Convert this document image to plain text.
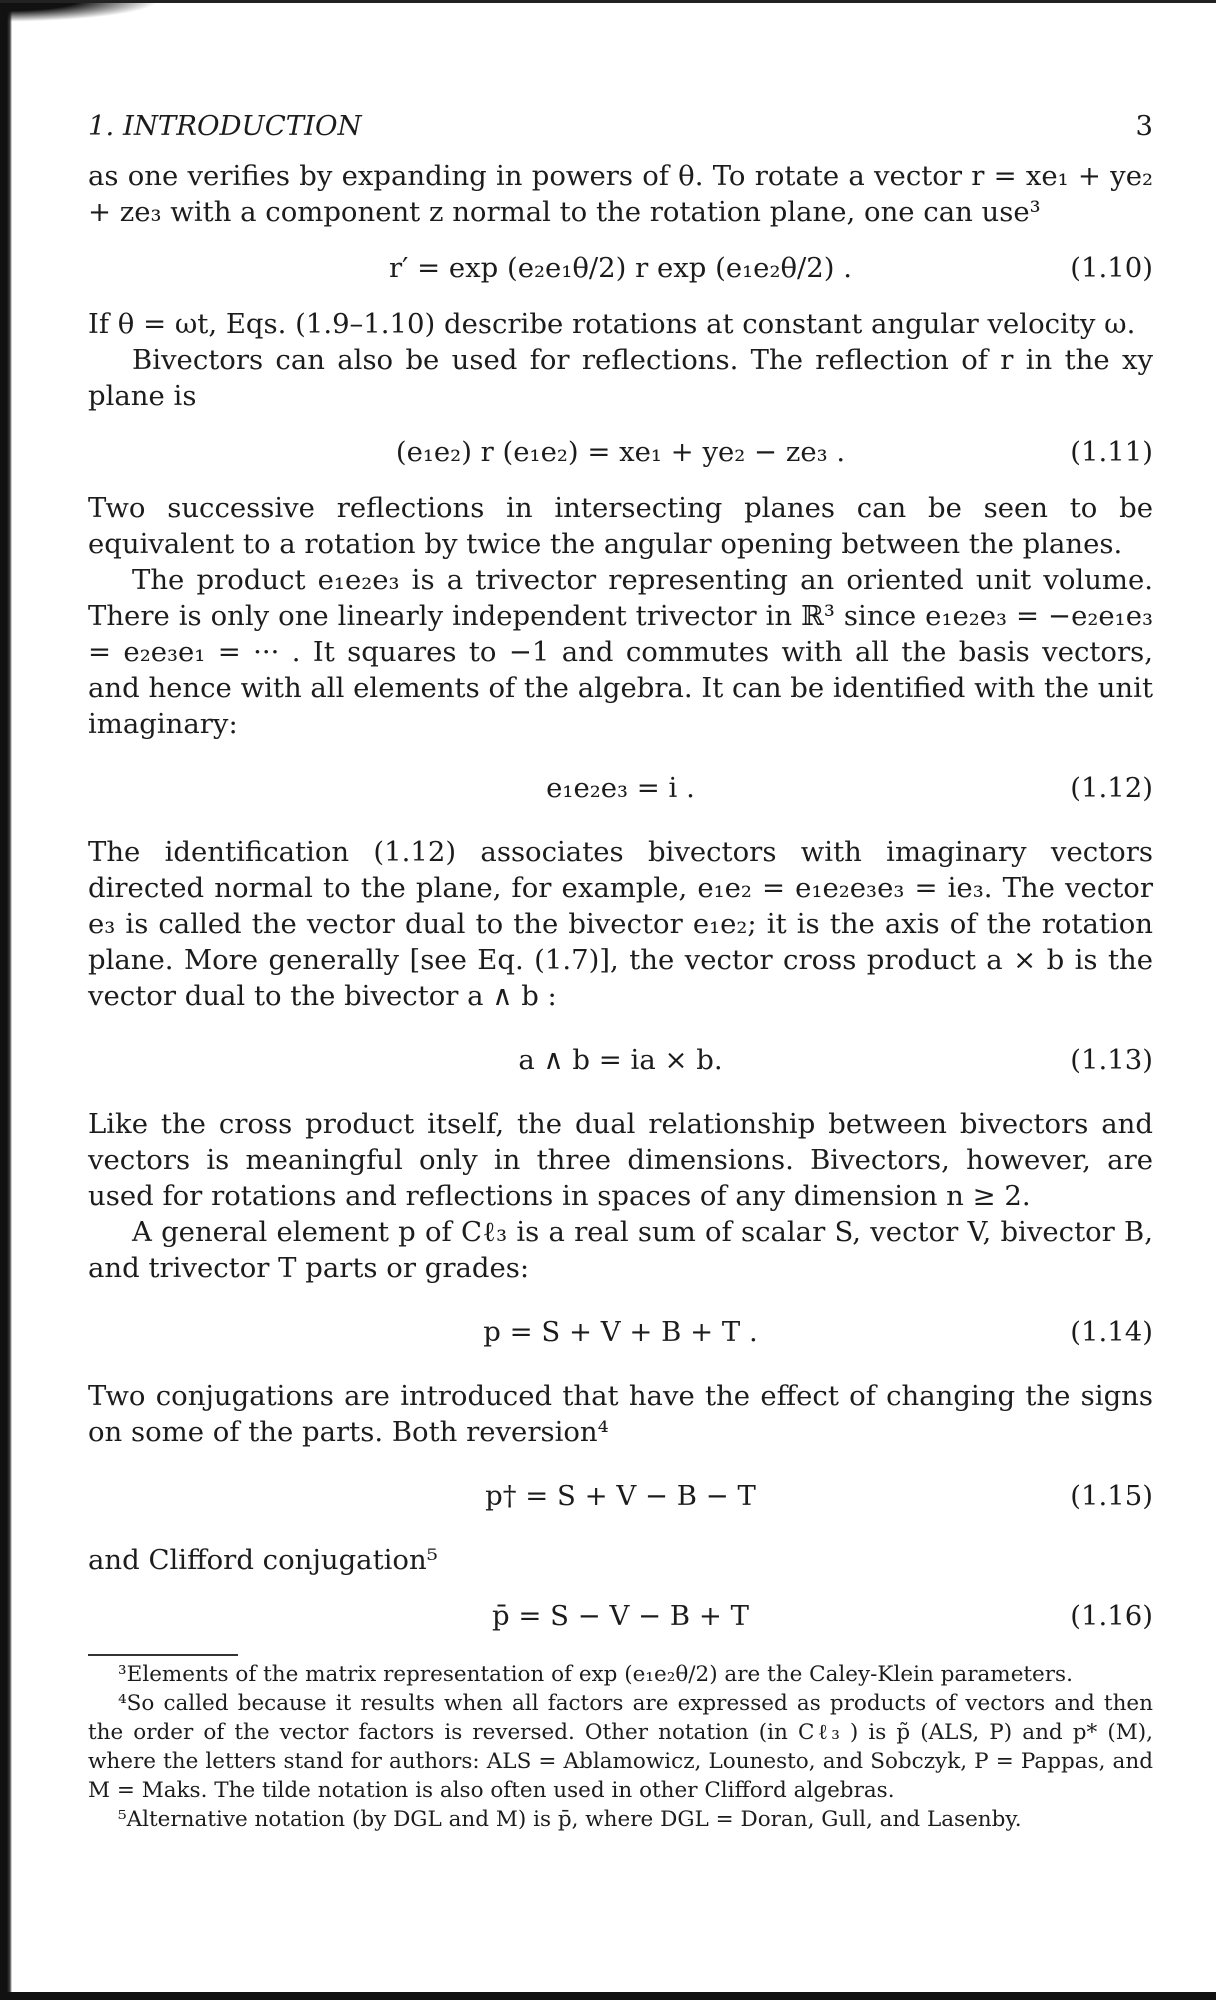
1. INTRODUCTION	3

as one verifies by expanding in powers of θ. To rotate a vector r = xe₁ + ye₂ + ze₃ with a component z normal to the rotation plane, one can use³

r′ = exp (e₂e₁θ/2) r exp (e₁e₂θ/2) .	(1.10)

If θ = ωt, Eqs. (1.9–1.10) describe rotations at constant angular velocity ω.

Bivectors can also be used for reflections. The reflection of r in the xy plane is

(e₁e₂) r (e₁e₂) = xe₁ + ye₂ − ze₃ .	(1.11)

Two successive reflections in intersecting planes can be seen to be equivalent to a rotation by twice the angular opening between the planes.

The product e₁e₂e₃ is a trivector representing an oriented unit volume. There is only one linearly independent trivector in ℝ³ since e₁e₂e₃ = −e₂e₁e₃ = e₂e₃e₁ = ··· . It squares to −1 and commutes with all the basis vectors, and hence with all elements of the algebra. It can be identified with the unit imaginary:

e₁e₂e₃ = i .	(1.12)

The identification (1.12) associates bivectors with imaginary vectors directed normal to the plane, for example, e₁e₂ = e₁e₂e₃e₃ = ie₃. The vector e₃ is called the vector dual to the bivector e₁e₂; it is the axis of the rotation plane. More generally [see Eq. (1.7)], the vector cross product a × b is the vector dual to the bivector a ∧ b :

a ∧ b = ia × b.	(1.13)

Like the cross product itself, the dual relationship between bivectors and vectors is meaningful only in three dimensions. Bivectors, however, are used for rotations and reflections in spaces of any dimension n ≥ 2.

A general element p of Cℓ₃ is a real sum of scalar S, vector V, bivector B, and trivector T parts or grades:

p = S + V + B + T .	(1.14)

Two conjugations are introduced that have the effect of changing the signs on some of the parts. Both reversion⁴

p† = S + V − B − T	(1.15)

and Clifford conjugation⁵

p̄ = S − V − B + T	(1.16)

³Elements of the matrix representation of exp (e₁e₂θ/2) are the Caley-Klein parameters.

⁴So called because it results when all factors are expressed as products of vectors and then the order of the vector factors is reversed. Other notation (in Cℓ₃ ) is p̃ (ALS, P) and p* (M), where the letters stand for authors: ALS = Ablamowicz, Lounesto, and Sobczyk, P = Pappas, and M = Maks. The tilde notation is also often used in other Clifford algebras.

⁵Alternative notation (by DGL and M) is p̄, where DGL = Doran, Gull, and Lasenby.
